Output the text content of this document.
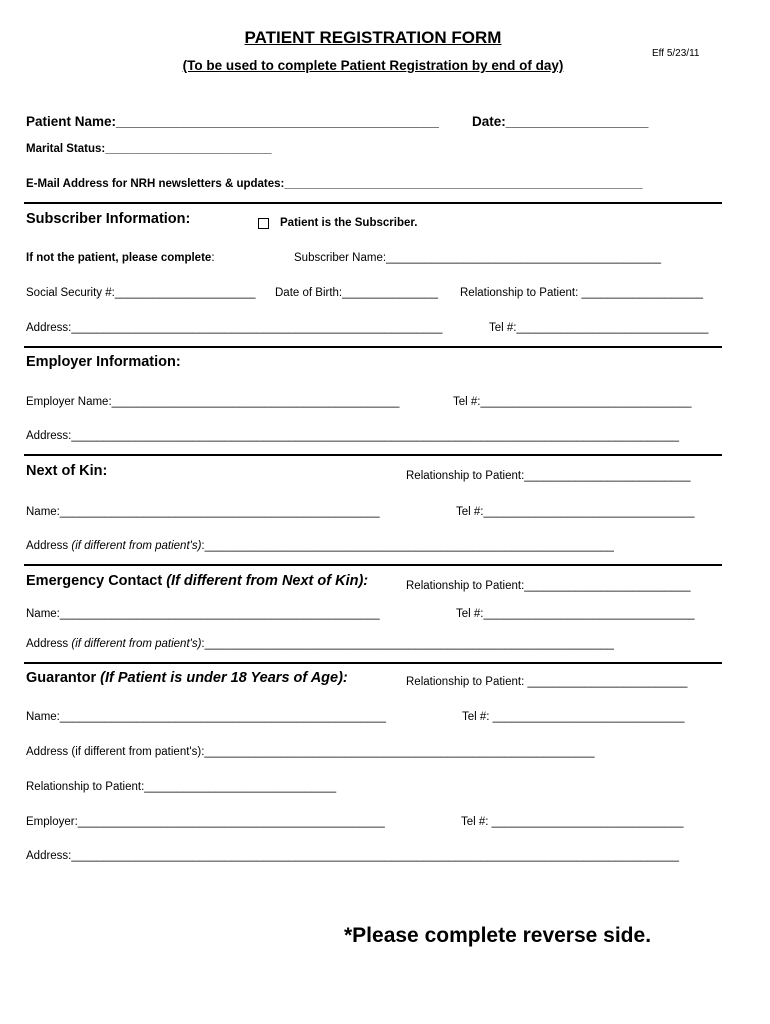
PATIENT REGISTRATION FORM
(To be used to complete Patient Registration by end of day)
Eff 5/23/11
Patient Name:___________________________________________ Date:___________________
Marital Status:__________________________
E-Mail Address for NRH newsletters & updates:________________________________________________________
Subscriber Information:	Patient is the Subscriber.
If not the patient, please complete:	Subscriber Name:___________________________________________
Social Security #:______________________ Date of Birth:_______________ Relationship to Patient: ___________________
Address:__________________________________________________________	Tel #:______________________________
Employer Information:
Employer Name:_____________________________________________	Tel #:_________________________________
Address:_______________________________________________________________________________________________
Next of Kin:	Relationship to Patient:__________________________
Name:__________________________________________________	Tel #:_________________________________
Address (if different from patient's):________________________________________________________________
Emergency Contact (If different from Next of Kin):	Relationship to Patient:__________________________
Name:__________________________________________________	Tel #:_________________________________
Address (if different from patient's):________________________________________________________________
Guarantor (If Patient is under 18 Years of Age):	Relationship to Patient: _________________________
Name:___________________________________________________	Tel #: ______________________________
Address (if different from patient's):_____________________________________________________________
Relationship to Patient:______________________________
Employer:________________________________________________	Tel #: ______________________________
Address:_______________________________________________________________________________________________
*Please complete reverse side.
